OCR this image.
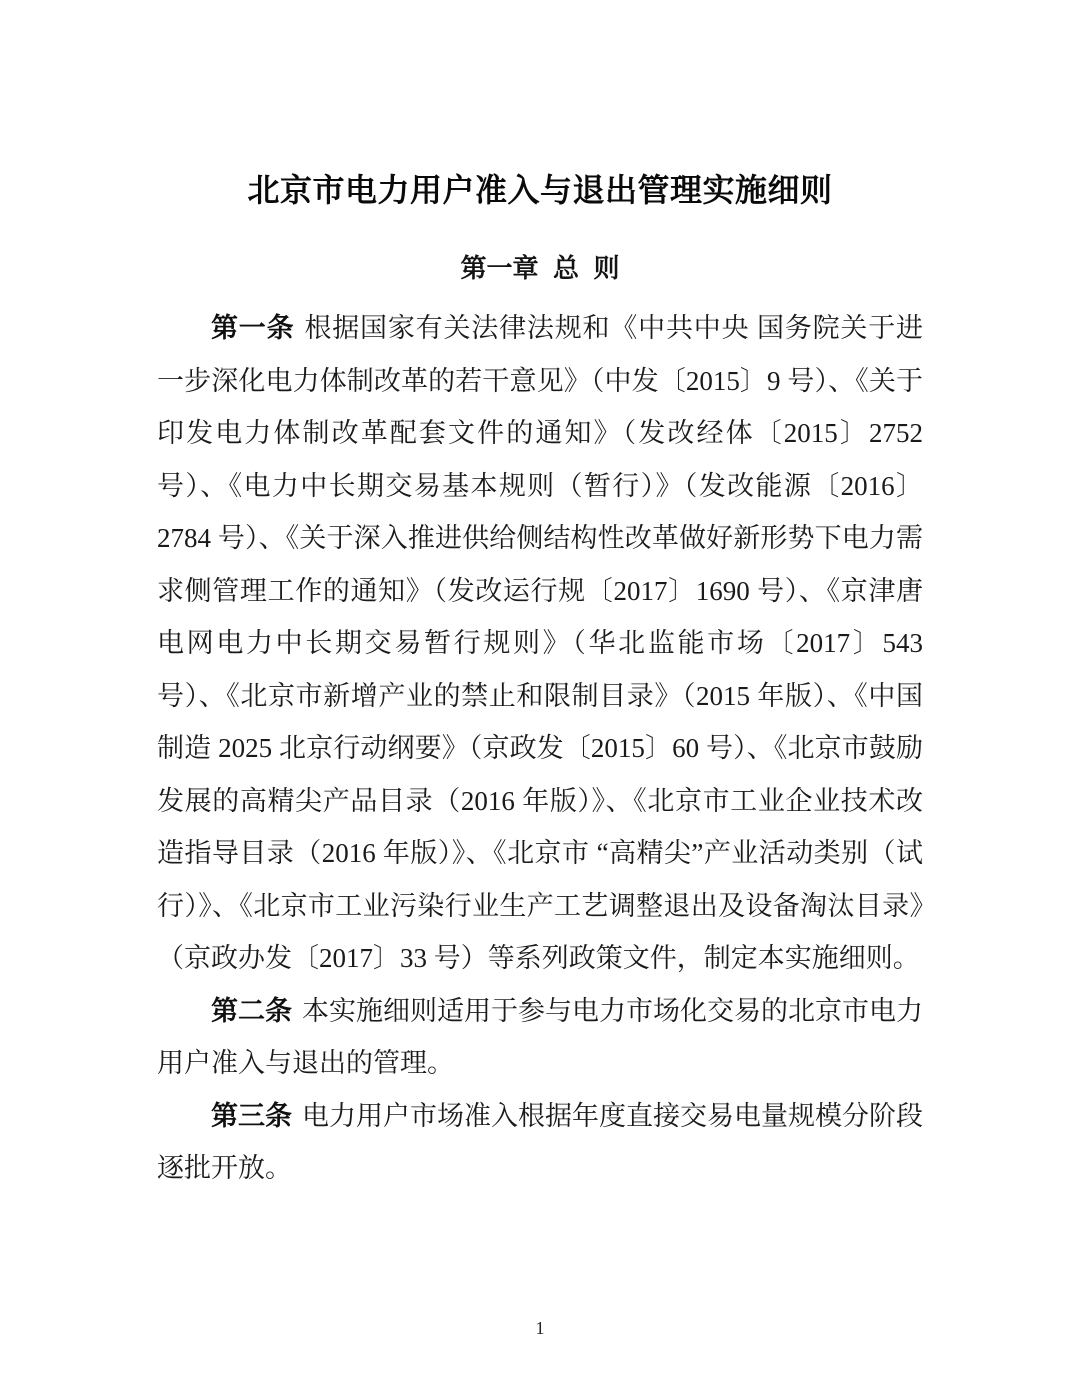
北京市电力用户准入与退出管理实施细则
第一章 总 则

第一条 根据国家有关法律法规和《中共中央 国务院关于进一步深化电力体制改革的若干意见》（中发〔2015〕9 号）、《关于印发电力体制改革配套文件的通知》（发改经体〔2015〕2752 号）、《电力中长期交易基本规则（暂行）》（发改能源〔2016〕2784 号）、《关于深入推进供给侧结构性改革做好新形势下电力需求侧管理工作的通知》（发改运行规〔2017〕1690 号）、《京津唐电网电力中长期交易暂行规则》（华北监能市场〔2017〕543 号）、《北京市新增产业的禁止和限制目录》（2015 年版）、《中国制造 2025 北京行动纲要》（京政发〔2015〕60 号）、《北京市鼓励发展的高精尖产品目录（2016 年版）》、《北京市工业企业技术改造指导目录（2016 年版）》、《北京市 “高精尖”产业活动类别（试行）》、《北京市工业污染行业生产工艺调整退出及设备淘汰目录》（京政办发〔2017〕33 号）等系列政策文件，制定本实施细则。

第二条 本实施细则适用于参与电力市场化交易的北京市电力用户准入与退出的管理。

第三条 电力用户市场准入根据年度直接交易电量规模分阶段逐批开放。

1
